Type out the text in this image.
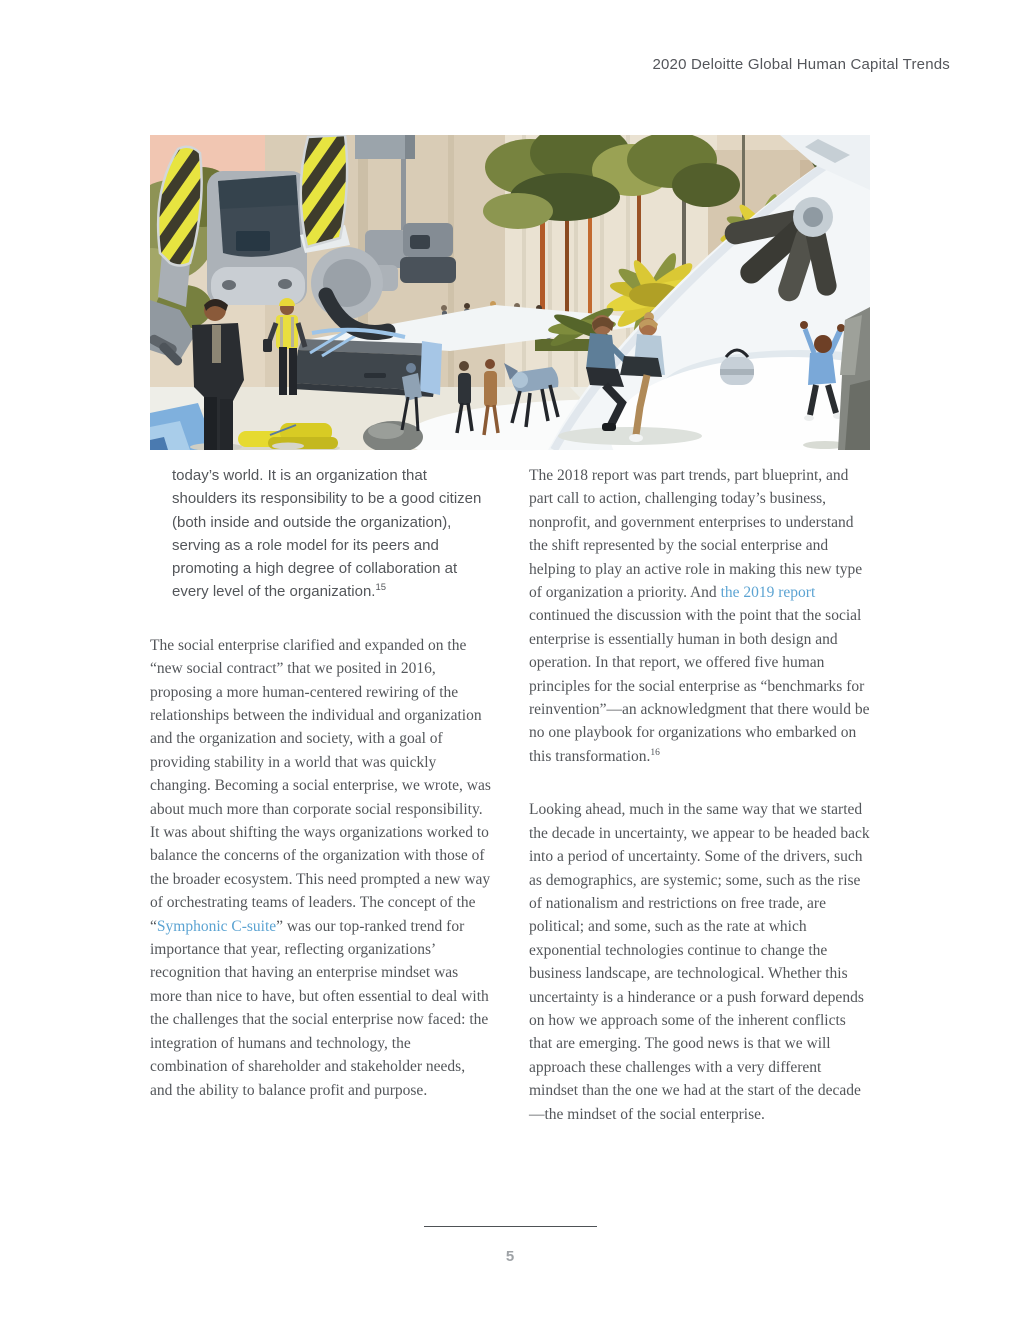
2020 Deloitte Global Human Capital Trends
today’s world. It is an organization that shoulders its responsibility to be a good citizen (both inside and outside the organization), serving as a role model for its peers and promoting a high degree of collaboration at every level of the organization.$^{15}$

The social enterprise clarified and expanded on the “new social contract” that we posited in 2016, proposing a more human-centered rewiring of the relationships between the individual and organization and the organization and society, with a goal of providing stability in a world that was quickly changing. Becoming a social enterprise, we wrote, was about much more than corporate social responsibility. It was about shifting the ways organizations worked to balance the concerns of the organization with those of the broader ecosystem. This need prompted a new way of orchestrating teams of leaders. The concept of the “Symphonic C-suite” was our top-ranked trend for importance that year, reflecting organizations’ recognition that having an enterprise mindset was more than nice to have, but often essential to deal with the challenges that the social enterprise now faced: the integration of humans and technology, the combination of shareholder and stakeholder needs, and the ability to balance profit and purpose.

The 2018 report was part trends, part blueprint, and part call to action, challenging today’s business, nonprofit, and government enterprises to understand the shift represented by the social enterprise and helping to play an active role in making this new type of organization a priority. And the 2019 report continued the discussion with the point that the social enterprise is essentially human in both design and operation. In that report, we offered five human principles for the social enterprise as “benchmarks for reinvention”—an acknowledgment that there would be no one playbook for organizations who embarked on this transformation.$^{16}$

Looking ahead, much in the same way that we started the decade in uncertainty, we appear to be headed back into a period of uncertainty. Some of the drivers, such as demographics, are systemic; some, such as the rise of nationalism and restrictions on free trade, are political; and some, such as the rate at which exponential technologies continue to change the business landscape, are technological. Whether this uncertainty is a hinderance or a push forward depends on how we approach some of the inherent conflicts that are emerging. The good news is that we will approach these challenges with a very different mindset than the one we had at the start of the decade—the mindset of the social enterprise.

5
